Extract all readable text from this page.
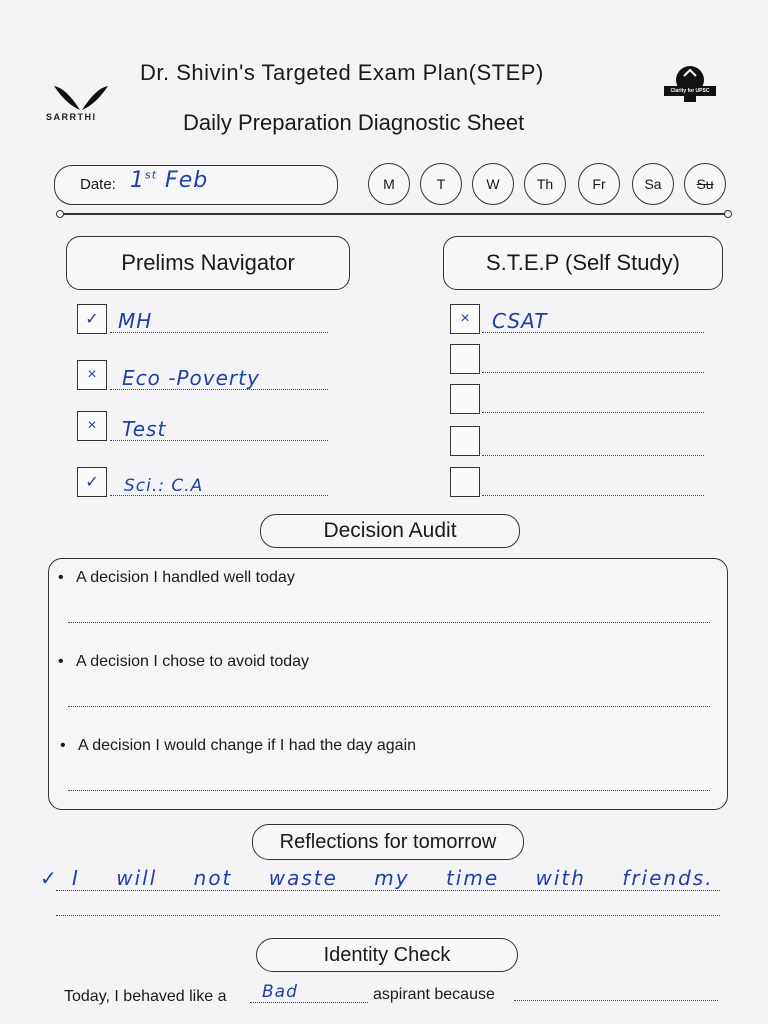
Dr. Shivin's Targeted Exam Plan(STEP)
Daily Preparation Diagnostic Sheet
SARRTHI
Clarity for UPSC
Date: 1st Feb	M	T	W	Th	Fr	Sa	Su
Prelims Navigator	S.T.E.P (Self Study)
✓ MH
×	Eco -Poverty
×	Test
✓	Sci.: C.A
×	CSAT
Decision Audit
• A decision I handled well today
• A decision I chose to avoid today
• A decision I would change if I had the day again
Reflections for tomorrow
✓ I will not waste my time with friends.
Identity Check
Today, I behaved like a Bad	aspirant because
